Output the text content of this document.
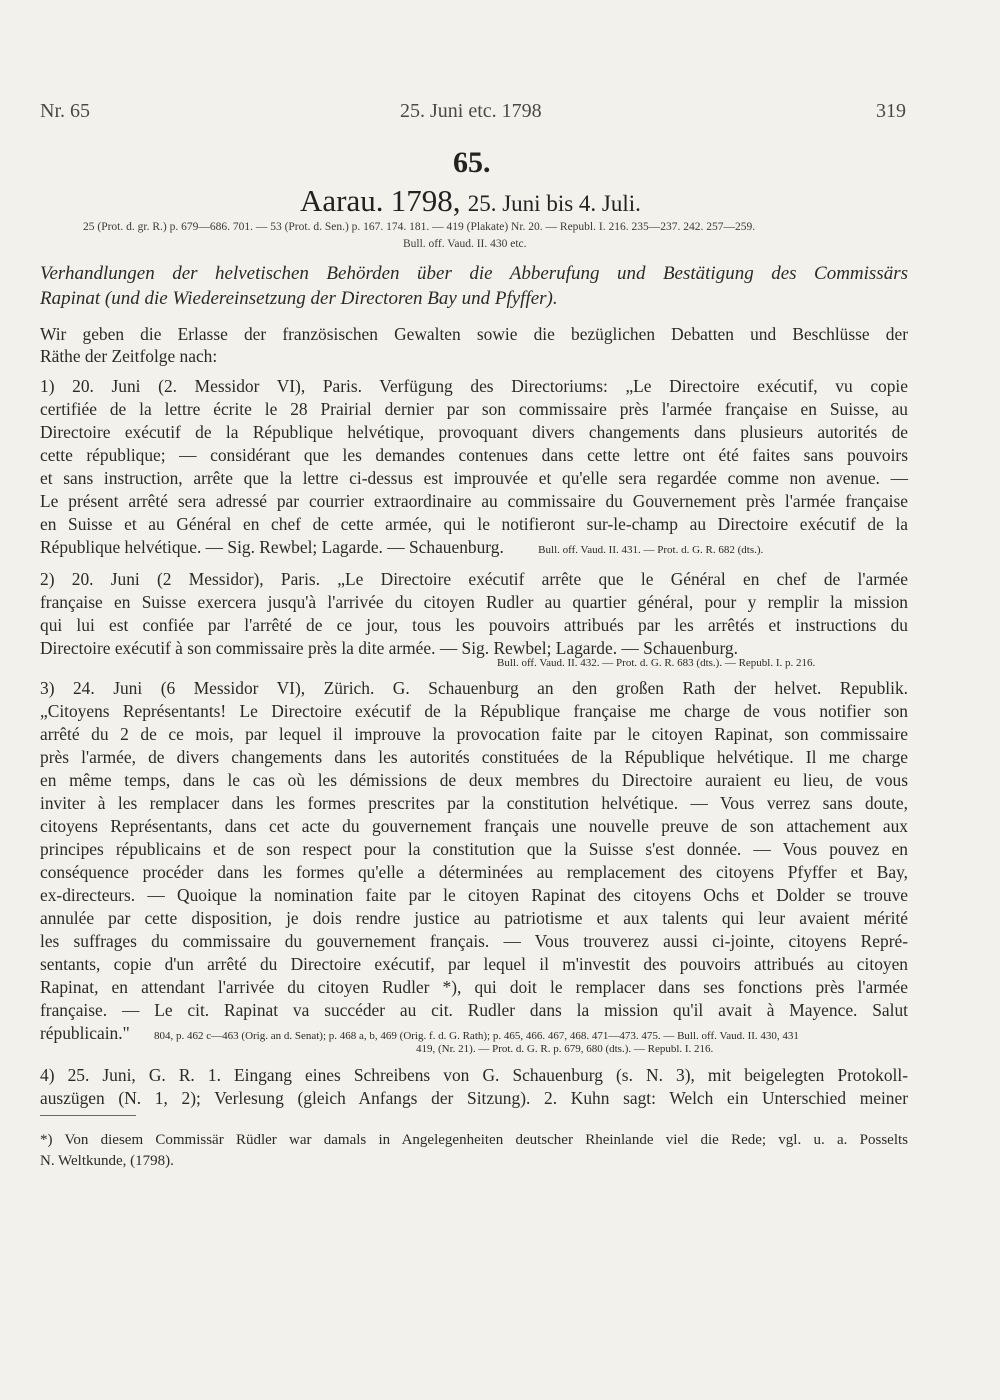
Nr. 65	25. Juni etc. 1798	319
65.
Aarau. 1798, 25. Juni bis 4. Juli.
25 (Prot. d. gr. R.) p. 679—686. 701. — 53 (Prot. d. Sen.) p. 167. 174. 181. — 419 (Plakate) Nr. 20. — Republ. I. 216. 235—237. 242. 257—259.
Bull. off. Vaud. II. 430 etc.
Verhandlungen der helvetischen Behörden über die Abberufung und Bestätigung des Commissärs
Rapinat (und die Wiedereinsetzung der Directoren Bay und Pfyffer).
Wir geben die Erlasse der französischen Gewalten sowie die bezüglichen Debatten und Beschlüsse der
Räthe der Zeitfolge nach:
1) 20. Juni (2. Messidor VI), Paris. Verfügung des Directoriums: „Le Directoire exécutif, vu copie
certifiée de la lettre écrite le 28 Prairial dernier par son commissaire près l'armée française en Suisse, au
Directoire exécutif de la République helvétique, provoquant divers changements dans plusieurs autorités de
cette république; — considérant que les demandes contenues dans cette lettre ont été faites sans pouvoirs
et sans instruction, arrête que la lettre ci-dessus est improuvée et qu'elle sera regardée comme non avenue. —
Le présent arrêté sera adressé par courrier extraordinaire au commissaire du Gouvernement près l'armée française
en Suisse et au Général en chef de cette armée, qui le notifieront sur-le-champ au Directoire exécutif de la
République helvétique. — Sig. Rewbel; Lagarde. — Schauenburg.	Bull. off. Vaud. II. 431. — Prot. d. G. R. 682 (dts.).
2) 20. Juni (2 Messidor), Paris. „Le Directoire exécutif arrête que le Général en chef de l'armée
française en Suisse exercera jusqu'à l'arrivée du citoyen Rudler au quartier général, pour y remplir la mission
qui lui est confiée par l'arrêté de ce jour, tous les pouvoirs attribués par les arrêtés et instructions du
Directoire exécutif à son commissaire près la dite armée. — Sig. Rewbel; Lagarde. — Schauenburg.
Bull. off. Vaud. II. 432. — Prot. d. G. R. 683 (dts.). — Republ. I. p. 216.
3) 24. Juni (6 Messidor VI), Zürich. G. Schauenburg an den großen Rath der helvet. Republik.
„Citoyens Représentants! Le Directoire exécutif de la République française me charge de vous notifier son
arrêté du 2 de ce mois, par lequel il improuve la provocation faite par le citoyen Rapinat, son commissaire
près l'armée, de divers changements dans les autorités constituées de la République helvétique. Il me charge
en même temps, dans le cas où les démissions de deux membres du Directoire auraient eu lieu, de vous
inviter à les remplacer dans les formes prescrites par la constitution helvétique. — Vous verrez sans doute,
citoyens Représentants, dans cet acte du gouvernement français une nouvelle preuve de son attachement aux
principes républicains et de son respect pour la constitution que la Suisse s'est donnée. — Vous pouvez en
conséquence procéder dans les formes qu'elle a déterminées au remplacement des citoyens Pfyffer et Bay,
ex-directeurs. — Quoique la nomination faite par le citoyen Rapinat des citoyens Ochs et Dolder se trouve
annulée par cette disposition, je dois rendre justice au patriotisme et aux talents qui leur avaient mérité
les suffrages du commissaire du gouvernement français. — Vous trouverez aussi ci-jointe, citoyens Repré-
sentants, copie d'un arrêté du Directoire exécutif, par lequel il m'investit des pouvoirs attribués au citoyen
Rapinat, en attendant l'arrivée du citoyen Rudler *), qui doit le remplacer dans ses fonctions près l'armée
française. — Le cit. Rapinat va succéder au cit. Rudler dans la mission qu'il avait à Mayence. Salut
républicain." 804, p. 462 c—463 (Orig. an d. Senat); p. 468 a, b, 469 (Orig. f. d. G. Rath); p. 465, 466. 467, 468. 471—473. 475. — Bull. off. Vaud. II. 430, 431
419, (Nr. 21). — Prot. d. G. R. p. 679, 680 (dts.). — Republ. I. 216.
4) 25. Juni, G. R. 1. Eingang eines Schreibens von G. Schauenburg (s. N. 3), mit beigelegten Protokoll-
auszügen (N. 1, 2); Verlesung (gleich Anfangs der Sitzung). 2. Kuhn sagt: Welch ein Unterschied meiner
*) Von diesem Commissär Rüdler war damals in Angelegenheiten deutscher Rheinlande viel die Rede; vgl. u. a. Posselts
N. Weltkunde, (1798).
